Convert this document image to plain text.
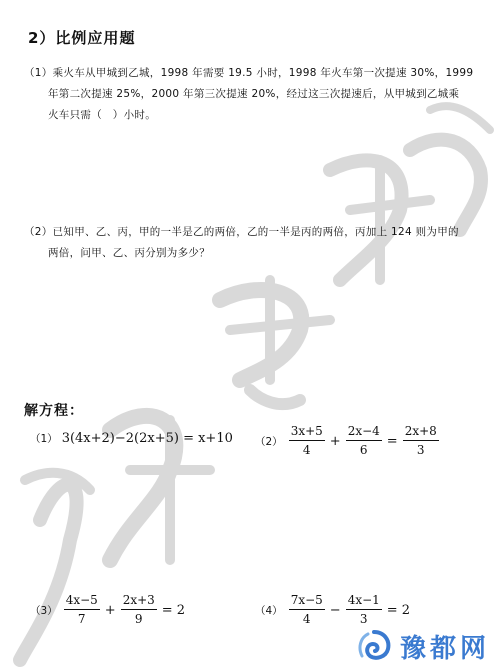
2）比例应用题
（1）乘火车从甲城到乙城，1998 年需要 19.5 小时，1998 年火车第一次提速 30%，1999
年第二次提速 25%，2000 年第三次提速 20%，经过这三次提速后，从甲城到乙城乘
火车只需（　）小时。
（2）已知甲、乙、丙，甲的一半是乙的两倍，乙的一半是丙的两倍，丙加上 124 则为甲的
两倍，问甲、乙、丙分别为多少？
解方程：
（1） 3(4x+2)−2(2x+5) = x+10 $(2) \frac{3x+5}{4} + \frac{2x-4}{6} = \frac{2x+8}{3}$
$(3) \frac{4x-5}{7} + \frac{2x+3}{9} = 2$	$(4) \frac{7x-5}{4} - \frac{4x-1}{3} = 2$
豫都网
